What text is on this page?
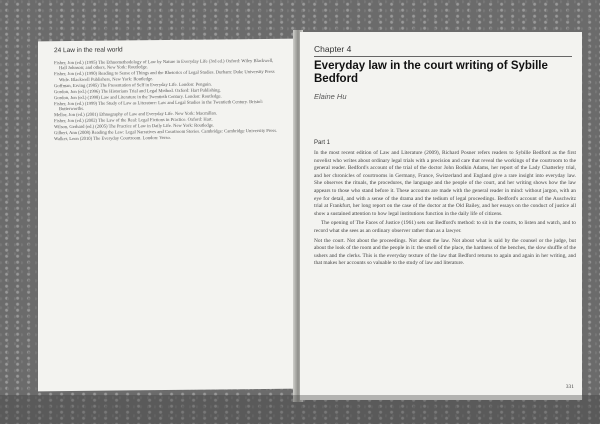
24 Law in the real world
Fisher, Jon (ed.) (1995) The Ethnomethodology of Law by Nature in Everyday Life (3rd ed.) Oxford: Wiley Blackwell, Hall Johnson; and others, New York: Routledge.
Fisher, Jon (ed.) (1990) Reading to Sense of Things and the Rhetorics of Legal Studies. Durham: Duke University Press Wide. Blackwell Publishers, New York: Routledge.
Goffman, Erving (1985) The Presentation of Self in Everyday Life. London: Penguin.
Gordon, Jon (ed.) (1996) The Historians Trial and Legal Method. Oxford: Hart Publishing.
Gordon, Jon (ed.) (1998) Law and Literature in the Twentieth Century. London: Routledge.
Fisher, Jon (ed.) (1999) The Study of Law as Literature: Law and Legal Studies in the Twentieth Century. Bristol: Butterworths.
Mellor, Jon (ed.) (2001) Ethnography of Law and Everyday Life. New York: Macmillan.
Fisher, Jon (ed.) (2002) The Law of the Real: Legal Fictions in Practice. Oxford: Hart.
Wilson, Gerhard (ed.) (2005) The Practice of Law in Daily Life. New York: Routledge.
Gilbert, Ann (2008) Reading the Law: Legal Narratives and Courtroom Stories. Cambridge: Cambridge University Press.
Walker, Leon (2010) The Everyday Courtroom. London: Verso.
Chapter 4
Everyday law in the court writing of Sybille Bedford
Elaine Hu
Part 1

In the most recent edition of Law and Literature (2009), Richard Posner refers readers to Sybille Bedford as the first novelist who writes about ordinary legal trials with a precision and care that reveal the workings of the courtroom to the general reader. Bedford's account of the trial of the doctor John Bodkin Adams, her report of the Lady Chatterley trial, and her chronicles of courtrooms in Germany, France, Switzerland and England give a rare insight into everyday law. She observes the rituals, the procedures, the language and the people of the court, and her writing shows how the law appears to those who stand before it. These accounts are made with the general reader in mind: without jargon, with an eye for detail, and with a sense of the drama and the tedium of legal proceedings. Bedford's account of the Auschwitz trial at Frankfurt, her long report on the case of the doctor at the Old Bailey, and her essays on the conduct of justice all show a sustained attention to how legal institutions function in the daily life of citizens.

The opening of The Faces of Justice (1961) sets out Bedford's method: to sit in the courts, to listen and watch, and to record what she sees as an ordinary observer rather than as a lawyer.

Not the court. Not about the proceedings. Not about the law. Not about what is said by the counsel or the judge, but about the look of the room and the people in it: the smell of the place, the hardness of the benches, the slow shuffle of the ushers and the clerks. This is the everyday texture of the law that Bedford returns to again and again in her writing, and that makes her accounts so valuable to the study of law and literature.

331
